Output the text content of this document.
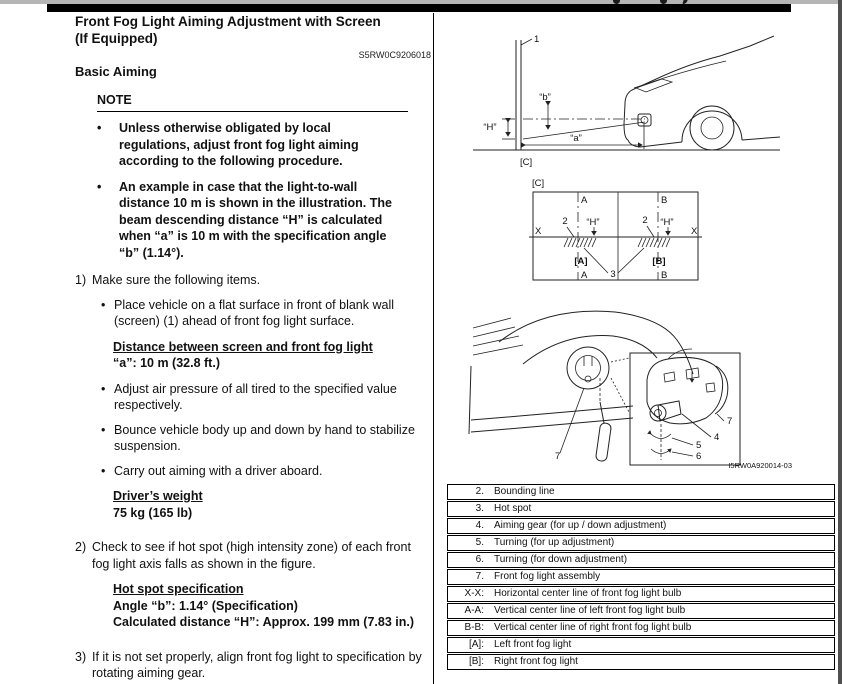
Front Fog Light Aiming Adjustment with Screen
(If Equipped)
S5RW0C9206018
Basic Aiming
NOTE
•	Unless otherwise obligated by local regulations, adjust front fog light aiming according to the following procedure.
•	An example in case that the light-to-wall distance 10 m is shown in the illustration. The beam descending distance “H” is calculated when “a” is 10 m with the specification angle “b” (1.14°).
1) Make sure the following items.
• Place vehicle on a flat surface in front of blank wall (screen) (1) ahead of front fog light surface.
Distance between screen and front fog light
“a”: 10 m (32.8 ft.)
• Adjust air pressure of all tired to the specified value respectively.
• Bounce vehicle body up and down by hand to stabilize suspension.
• Carry out aiming with a driver aboard.
Driver’s weight
75 kg (165 lb)
2) Check to see if hot spot (high intensity zone) of each front fog light axis falls as shown in the figure.
Hot spot specification
Angle “b”: 1.14° (Specification)
Calculated distance “H”: Approx. 199 mm (7.83 in.)
3) If it is not set properly, align front fog light to specification by rotating aiming gear.
1
“H”
“b”
“a”
[C]
[C]
A	B
X	X
2	2
“H”	“H”
[A]	[B]
3
A	B
7
7
4
5
6
I5RW0A920014-03
2.	Bounding line
3.	Hot spot
4.	Aiming gear (for up / down adjustment)
5.	Turning (for up adjustment)
6.	Turning (for down adjustment)
7.	Front fog light assembly
X-X:	Horizontal center line of front fog light bulb
A-A:	Vertical center line of left front fog light bulb
B-B:	Vertical center line of right front fog light bulb
[A]:	Left front fog light
[B]:	Right front fog light
